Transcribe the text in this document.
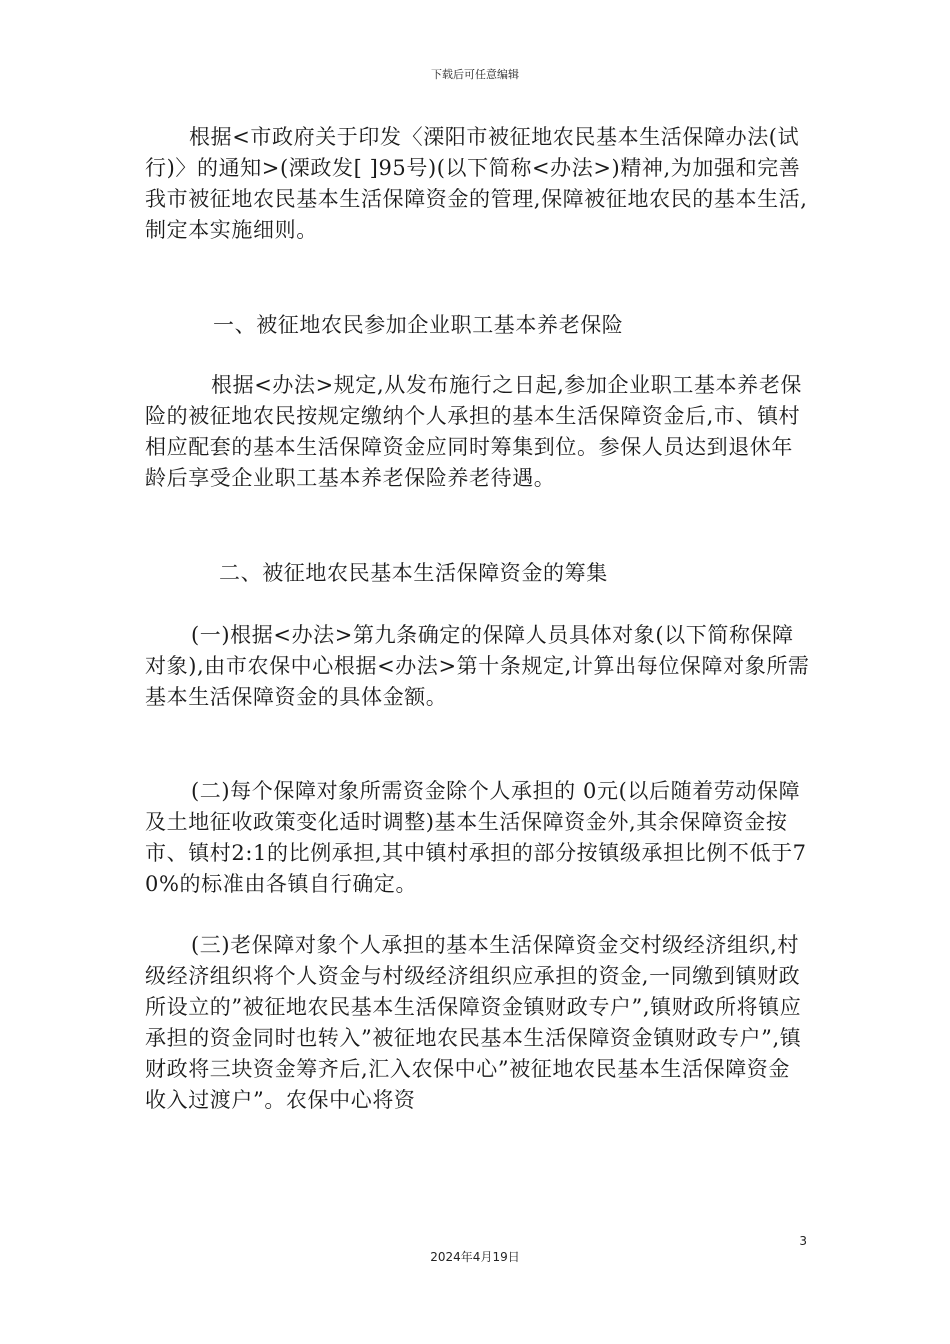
下载后可任意编辑

根据<市政府关于印发〈溧阳市被征地农民基本生活保障办法(试行)〉的通知>(溧政发[ ]95号)(以下简称<办法>)精神,为加强和完善我市被征地农民基本生活保障资金的管理,保障被征地农民的基本生活,制定本实施细则。

一、被征地农民参加企业职工基本养老保险

根据<办法>规定,从发布施行之日起,参加企业职工基本养老保险的被征地农民按规定缴纳个人承担的基本生活保障资金后,市、镇村相应配套的基本生活保障资金应同时筹集到位。参保人员达到退休年龄后享受企业职工基本养老保险养老待遇。

二、被征地农民基本生活保障资金的筹集

(一)根据<办法>第九条确定的保障人员具体对象(以下简称保障对象),由市农保中心根据<办法>第十条规定,计算出每位保障对象所需基本生活保障资金的具体金额。

(二)每个保障对象所需资金除个人承担的 0元(以后随着劳动保障及土地征收政策变化适时调整)基本生活保障资金外,其余保障资金按市、镇村2:1的比例承担,其中镇村承担的部分按镇级承担比例不低于70%的标准由各镇自行确定。

(三)老保障对象个人承担的基本生活保障资金交村级经济组织,村级经济组织将个人资金与村级经济组织应承担的资金,一同缴到镇财政所设立的”被征地农民基本生活保障资金镇财政专户”,镇财政所将镇应承担的资金同时也转入”被征地农民基本生活保障资金镇财政专户”,镇财政将三块资金筹齐后,汇入农保中心”被征地农民基本生活保障资金收入过渡户”。农保中心将资

3
2024年4月19日
